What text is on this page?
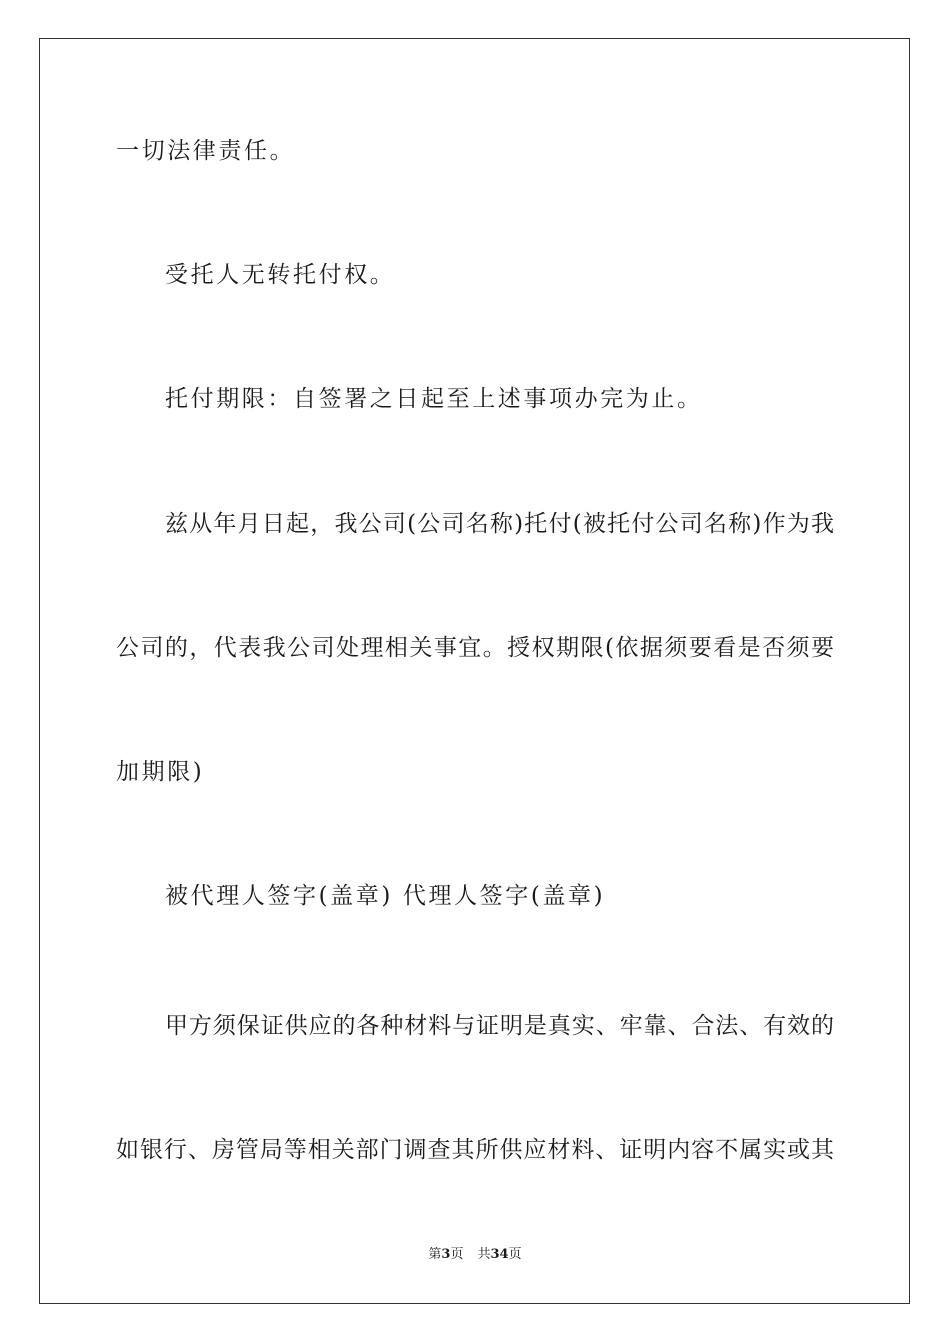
一切法律责任。
受托人无转托付权。
托付期限：自签署之日起至上述事项办完为止。
兹从年月日起，我公司(公司名称)托付(被托付公司名称)作为我
公司的，代表我公司处理相关事宜。授权期限(依据须要看是否须要
加期限)
被代理人签字(盖章) 代理人签字(盖章)
甲方须保证供应的各种材料与证明是真实、牢靠、合法、有效的
如银行、房管局等相关部门调查其所供应材料、证明内容不属实或其
第3页 共34页
